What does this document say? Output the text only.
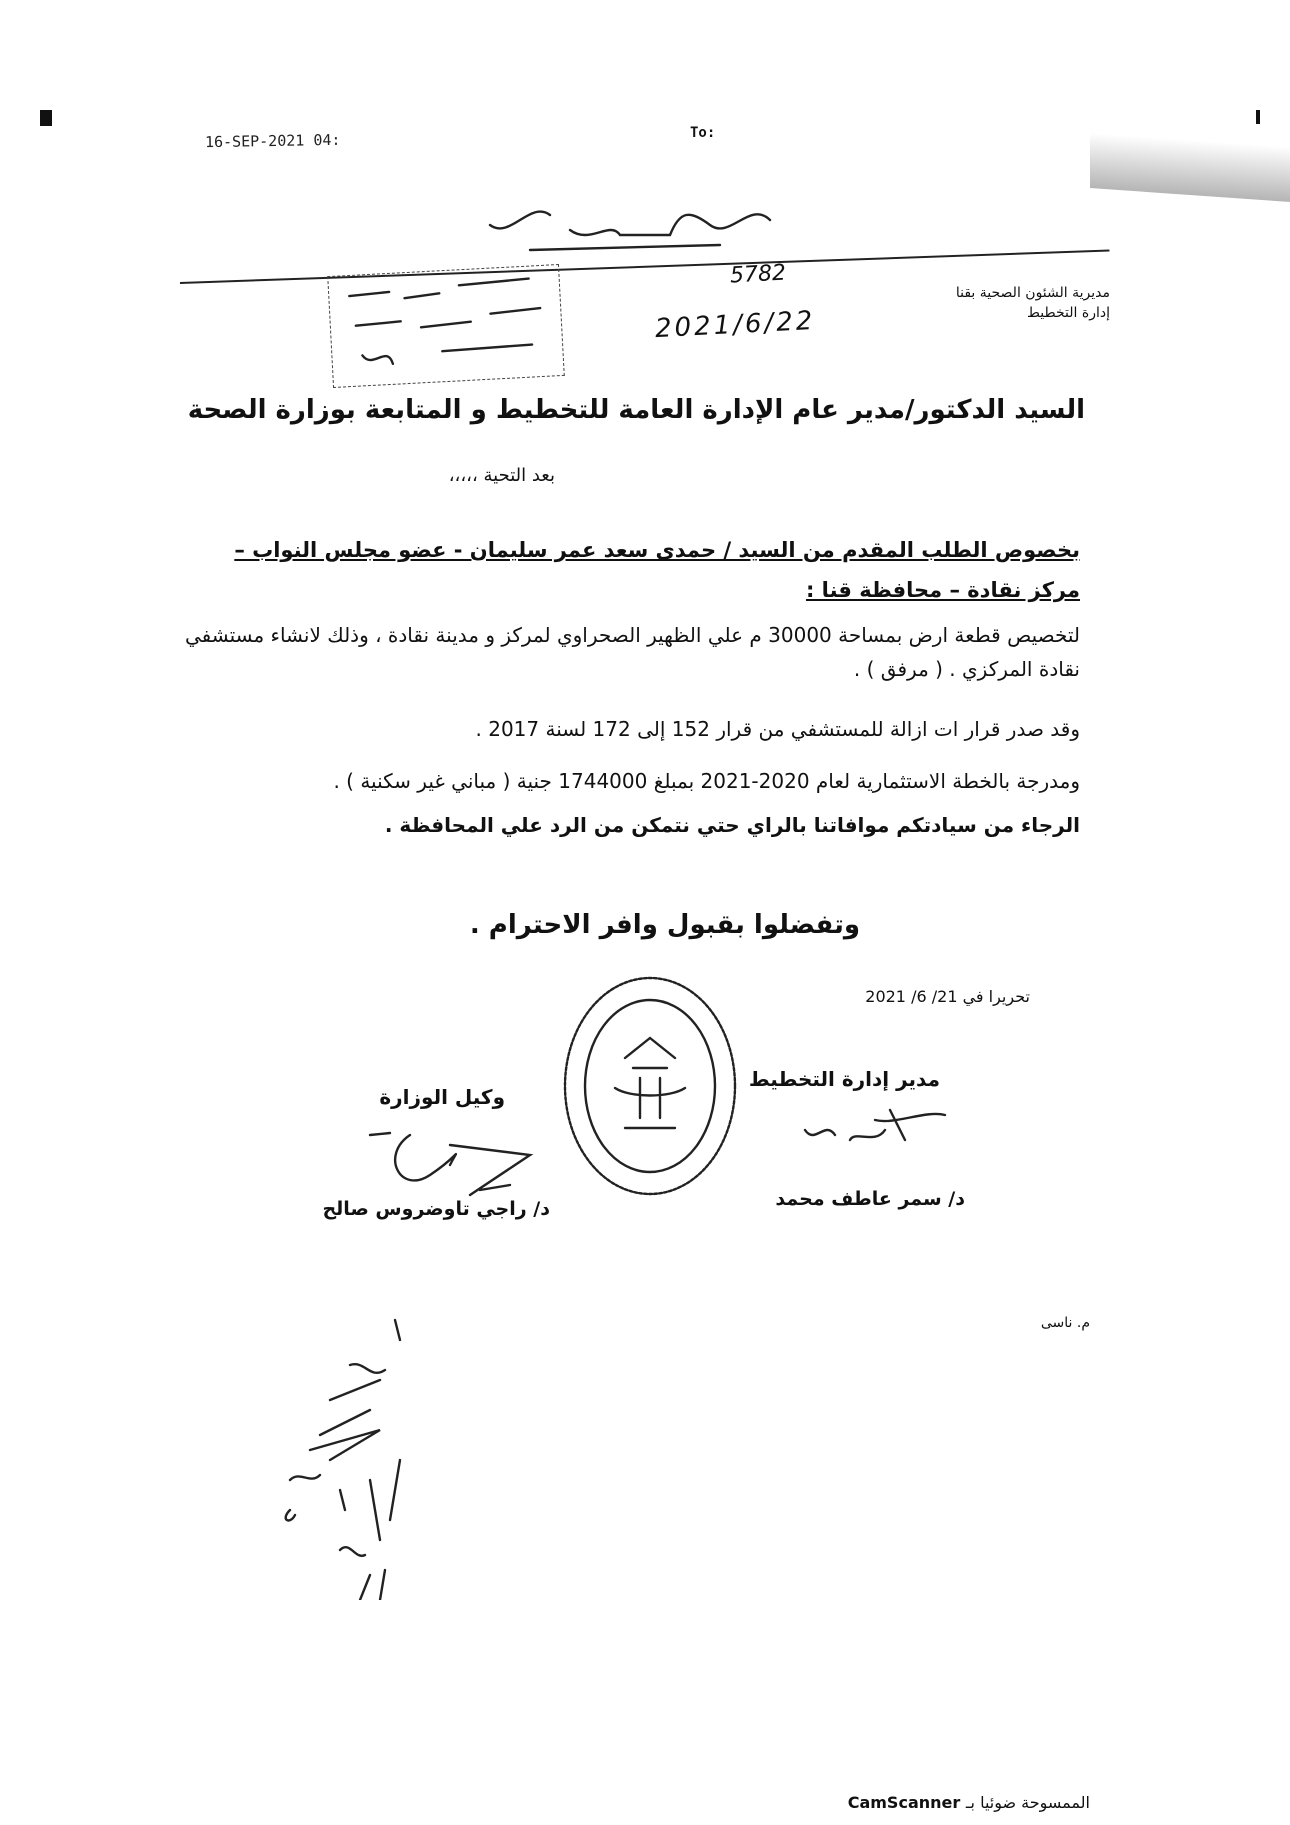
16-SEP-2021 04:	To:
مديرية الشئون الصحية بقنا
إدارة التخطيط
5782
2021/6/22
السيد الدكتور/مدير عام الإدارة العامة للتخطيط و المتابعة بوزارة الصحة
بعد التحية ،،،،،
بخصوص الطلب المقدم من السيد / حمدى سعد عمر سليمان - عضو مجلس النواب – مركز نقادة – محافظة قنا :
لتخصيص قطعة ارض بمساحة 30000 م علي الظهير الصحراوي لمركز و مدينة نقادة ، وذلك لانشاء مستشفي نقادة المركزي . ( مرفق ) .
وقد صدر قرار ات ازالة للمستشفي من قرار 152 إلى 172 لسنة 2017 .
ومدرجة بالخطة الاستثمارية لعام 2020-2021 بمبلغ 1744000 جنية ( مباني غير سكنية ) .
الرجاء من سيادتكم موافاتنا بالراي حتي نتمكن من الرد علي المحافظة .
وتفضلوا بقبول وافر الاحترام .
تحريرا في 21/ 6/ 2021
وكيل الوزارة
د/ راجي تاوضروس صالح
مدير إدارة التخطيط
د/ سمر عاطف محمد
م. ناسى
CamScanner الممسوحة ضوئيا بـ
